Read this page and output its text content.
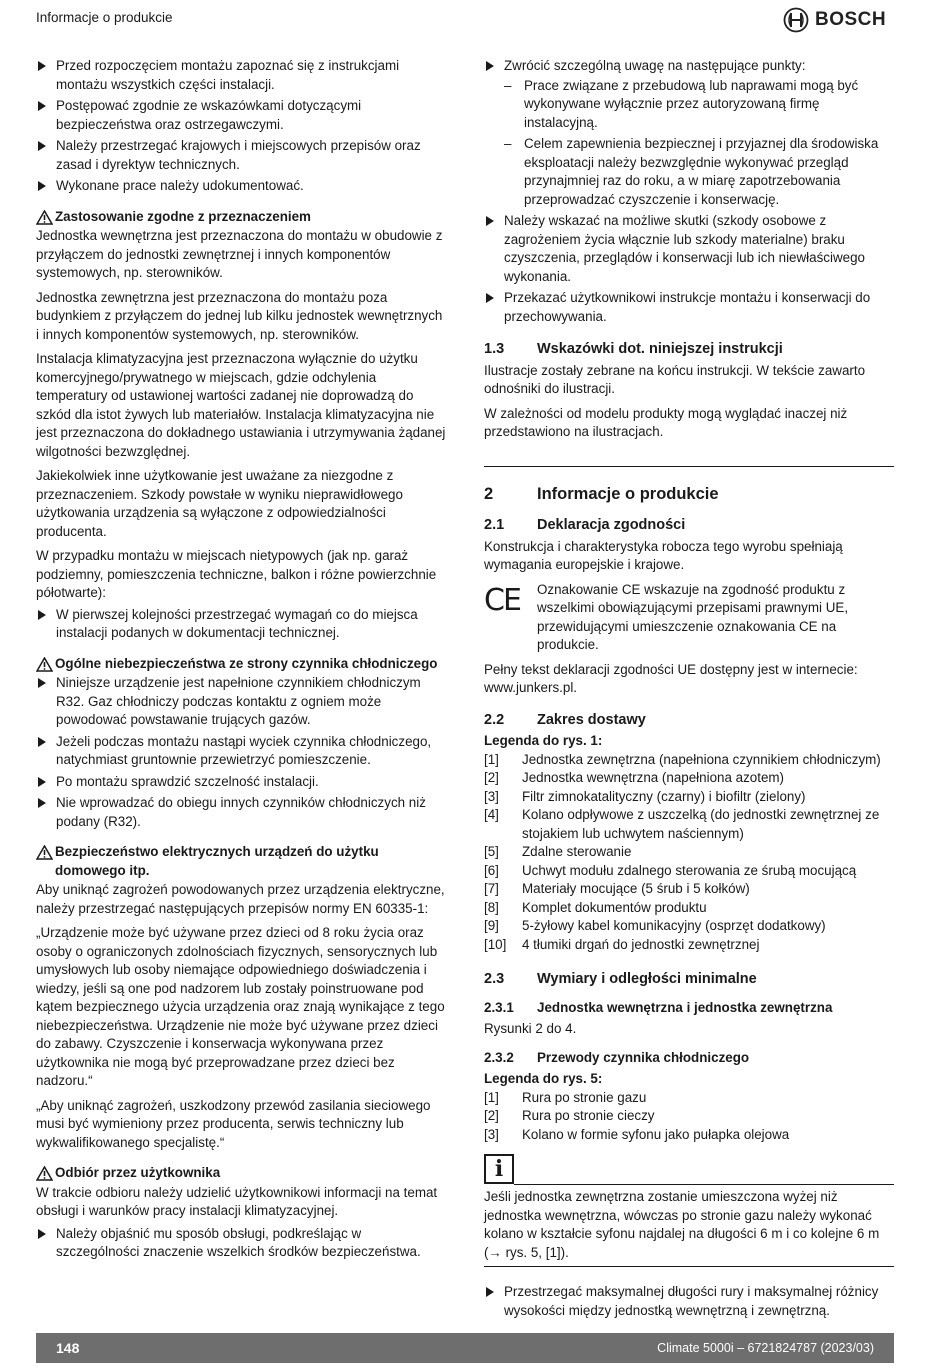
Informacje o produkcie	BOSCH
Przed rozpoczęciem montażu zapoznać się z instrukcjami montażu wszystkich części instalacji.
Postępować zgodnie ze wskazówkami dotyczącymi bezpieczeństwa oraz ostrzegawczymi.
Należy przestrzegać krajowych i miejscowych przepisów oraz zasad i dyrektyw technicznych.
Wykonane prace należy udokumentować.
Zastosowanie zgodne z przeznaczeniem
Jednostka wewnętrzna jest przeznaczona do montażu w obudowie z przyłączem do jednostki zewnętrznej i innych komponentów systemowych, np. sterowników.
Jednostka zewnętrzna jest przeznaczona do montażu poza budynkiem z przyłączem do jednej lub kilku jednostek wewnętrznych i innych komponentów systemowych, np. sterowników.
Instalacja klimatyzacyjna jest przeznaczona wyłącznie do użytku komercyjnego/prywatnego w miejscach, gdzie odchylenia temperatury od ustawionej wartości zadanej nie doprowadzą do szkód dla istot żywych lub materiałów. Instalacja klimatyzacyjna nie jest przeznaczona do dokładnego ustawiania i utrzymywania żądanej wilgotności bezwzględnej.
Jakiekolwiek inne użytkowanie jest uważane za niezgodne z przeznaczeniem. Szkody powstałe w wyniku nieprawidłowego użytkowania urządzenia są wyłączone z odpowiedzialności producenta.
W przypadku montażu w miejscach nietypowych (jak np. garaż podziemny, pomieszczenia techniczne, balkon i różne powierzchnie półotwarte):
W pierwszej kolejności przestrzegać wymagań co do miejsca instalacji podanych w dokumentacji technicznej.
Ogólne niebezpieczeństwa ze strony czynnika chłodniczego
Niniejsze urządzenie jest napełnione czynnikiem chłodniczym R32. Gaz chłodniczy podczas kontaktu z ogniem może powodować powstawanie trujących gazów.
Jeżeli podczas montażu nastąpi wyciek czynnika chłodniczego, natychmiast gruntownie przewietrzyć pomieszczenie.
Po montażu sprawdzić szczelność instalacji.
Nie wprowadzać do obiegu innych czynników chłodniczych niż podany (R32).
Bezpieczeństwo elektrycznych urządzeń do użytku domowego itp.
Aby uniknąć zagrożeń powodowanych przez urządzenia elektryczne, należy przestrzegać następujących przepisów normy EN 60335-1:
„Urządzenie może być używane przez dzieci od 8 roku życia oraz osoby o ograniczonych zdolnościach fizycznych, sensorycznych lub umysłowych lub osoby niemające odpowiedniego doświadczenia i wiedzy, jeśli są one pod nadzorem lub zostały poinstruowane pod kątem bezpiecznego użycia urządzenia oraz znają wynikające z tego niebezpieczeństwa. Urządzenie nie może być używane przez dzieci do zabawy. Czyszczenie i konserwacja wykonywana przez użytkownika nie mogą być przeprowadzane przez dzieci bez nadzoru.“
„Aby uniknąć zagrożeń, uszkodzony przewód zasilania sieciowego musi być wymieniony przez producenta, serwis techniczny lub wykwalifikowanego specjalistę.“
Odbiór przez użytkownika
W trakcie odbioru należy udzielić użytkownikowi informacji na temat obsługi i warunków pracy instalacji klimatyzacyjnej.
Należy objaśnić mu sposób obsługi, podkreślając w szczególności znaczenie wszelkich środków bezpieczeństwa.
Zwrócić szczególną uwagę na następujące punkty:
– Prace związane z przebudową lub naprawami mogą być wykonywane wyłącznie przez autoryzowaną firmę instalacyjną.
– Celem zapewnienia bezpiecznej i przyjaznej dla środowiska eksploatacji należy bezwzględnie wykonywać przegląd przynajmniej raz do roku, a w miarę zapotrzebowania przeprowadzać czyszczenie i konserwację.
Należy wskazać na możliwe skutki (szkody osobowe z zagrożeniem życia włącznie lub szkody materialne) braku czyszczenia, przeglądów i konserwacji lub ich niewłaściwego wykonania.
Przekazać użytkownikowi instrukcje montażu i konserwacji do przechowywania.
1.3	Wskazówki dot. niniejszej instrukcji
Ilustracje zostały zebrane na końcu instrukcji. W tekście zawarto odnośniki do ilustracji.
W zależności od modelu produkty mogą wyglądać inaczej niż przedstawiono na ilustracjach.
2	Informacje o produkcie
2.1	Deklaracja zgodności
Konstrukcja i charakterystyka robocza tego wyrobu spełniają wymagania europejskie i krajowe.
CE	Oznakowanie CE wskazuje na zgodność produktu z wszelkimi obowiązującymi przepisami prawnymi UE, przewidującymi umieszczenie oznakowania CE na produkcie.
Pełny tekst deklaracji zgodności UE dostępny jest w internecie: www.junkers.pl.
2.2	Zakres dostawy
Legenda do rys. 1:
[1]	Jednostka zewnętrzna (napełniona czynnikiem chłodniczym)
[2]	Jednostka wewnętrzna (napełniona azotem)
[3]	Filtr zimnokatalityczny (czarny) i biofiltr (zielony)
[4]	Kolano odpływowe z uszczelką (do jednostki zewnętrznej ze stojakiem lub uchwytem naściennym)
[5]	Zdalne sterowanie
[6]	Uchwyt modułu zdalnego sterowania ze śrubą mocującą
[7]	Materiały mocujące (5 śrub i 5 kołków)
[8]	Komplet dokumentów produktu
[9]	5-żyłowy kabel komunikacyjny (osprzęt dodatkowy)
[10]	4 tłumiki drgań do jednostki zewnętrznej
2.3	Wymiary i odległości minimalne
2.3.1	Jednostka wewnętrzna i jednostka zewnętrzna
Rysunki 2 do 4.
2.3.2	Przewody czynnika chłodniczego
Legenda do rys. 5:
[1]	Rura po stronie gazu
[2]	Rura po stronie cieczy
[3]	Kolano w formie syfonu jako pułapka olejowa
i
Jeśli jednostka zewnętrzna zostanie umieszczona wyżej niż jednostka wewnętrzna, wówczas po stronie gazu należy wykonać kolano w kształcie syfonu najdalej na długości 6 m i co kolejne 6 m (→ rys. 5, [1]).
Przestrzegać maksymalnej długości rury i maksymalnej różnicy wysokości między jednostką wewnętrzną i zewnętrzną.
148	Climate 5000i – 6721824787 (2023/03)
